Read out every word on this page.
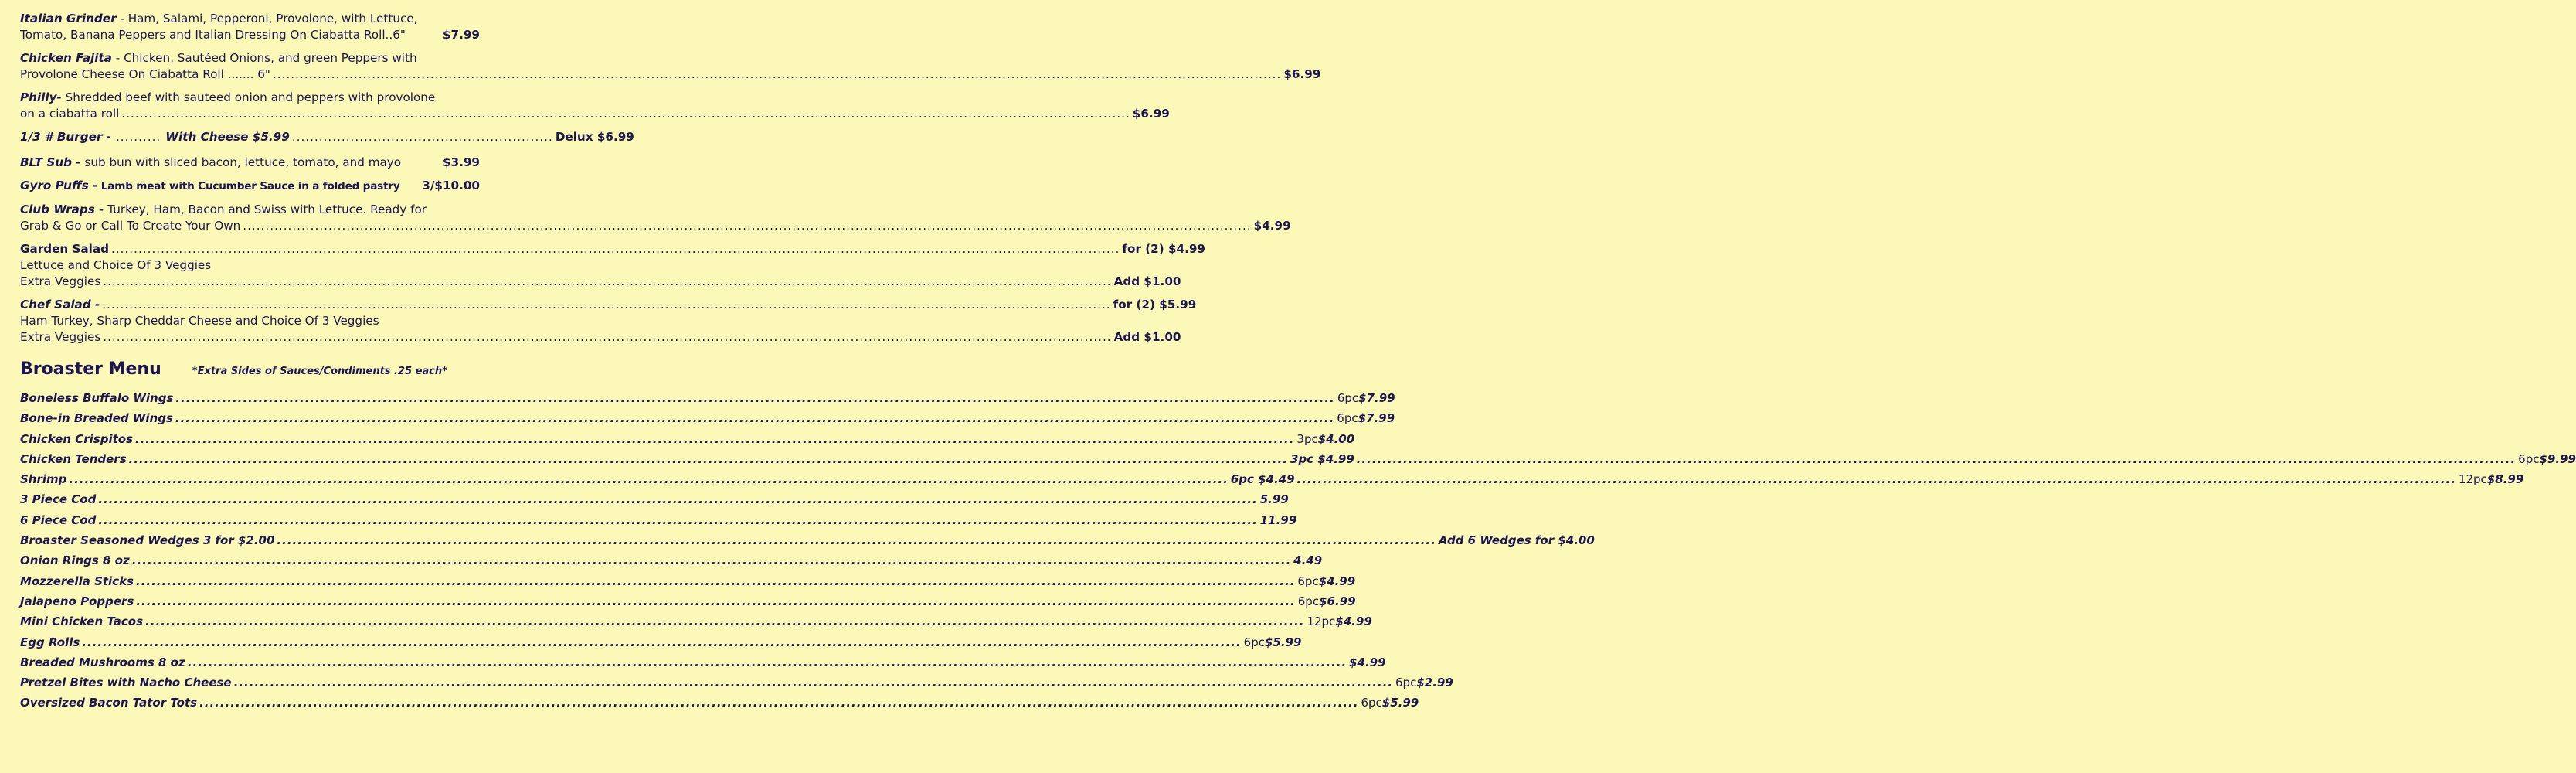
Italian Grinder - Ham, Salami, Pepperoni, Provolone, with Lettuce,
Tomato, Banana Peppers and Italian Dressing On Ciabatta Roll..6"	$7.99
Chicken Fajita - Chicken, Sautéed Onions, and green Peppers with
Provolone Cheese On Ciabatta Roll ....... 6" .....	$6.99
Philly- Shredded beef with sauteed onion and peppers with provolone
on a ciabatta roll .....	$6.99
1/3 # Burger - .......... With Cheese $5.99 .......................................................... Delux $6.99
BLT Sub - sub bun with sliced bacon, lettuce, tomato, and mayo	$3.99
Gyro Puffs - Lamb meat with Cucumber Sauce in a folded pastry 3/$10.00
Club Wraps - Turkey, Ham, Bacon and Swiss with Lettuce. Ready for
Grab & Go or Call To Create Your Own .....	$4.99
Garden Salad .....	for (2) $4.99
Lettuce and Choice Of 3 Veggies
Extra Veggies .....	Add $1.00
Chef Salad - .....	for (2) $5.99
Ham Turkey, Sharp Cheddar Cheese and Choice Of 3 Veggies
Extra Veggies .....	Add $1.00
Broaster Menu	*Extra Sides of Sauces/Condiments .25 each*
Boneless Buffalo Wings .....	6pc $7.99
Bone-in Breaded Wings .....	6pc $7.99
Chicken Crispitos .....	3pc $4.00
Chicken Tenders .....	3pc $4.99 .....	6pc $9.99
Shrimp .....	6pc $4.49 .....	12pc $8.99
3 Piece Cod .....	5.99
6 Piece Cod .....	11.99
Broaster Seasoned Wedges 3 for $2.00 .....	Add 6 Wedges for $4.00
Onion Rings 8 oz .....	4.49
Mozzerella Sticks .....	6pc $4.99
Jalapeno Poppers .....	6pc $6.99
Mini Chicken Tacos .....	12pc $4.99
Egg Rolls .....	6pc $5.99
Breaded Mushrooms 8 oz .....	$4.99
Pretzel Bites with Nacho Cheese .....	6pc $2.99
Oversized Bacon Tator Tots .....	6pc $5.99
